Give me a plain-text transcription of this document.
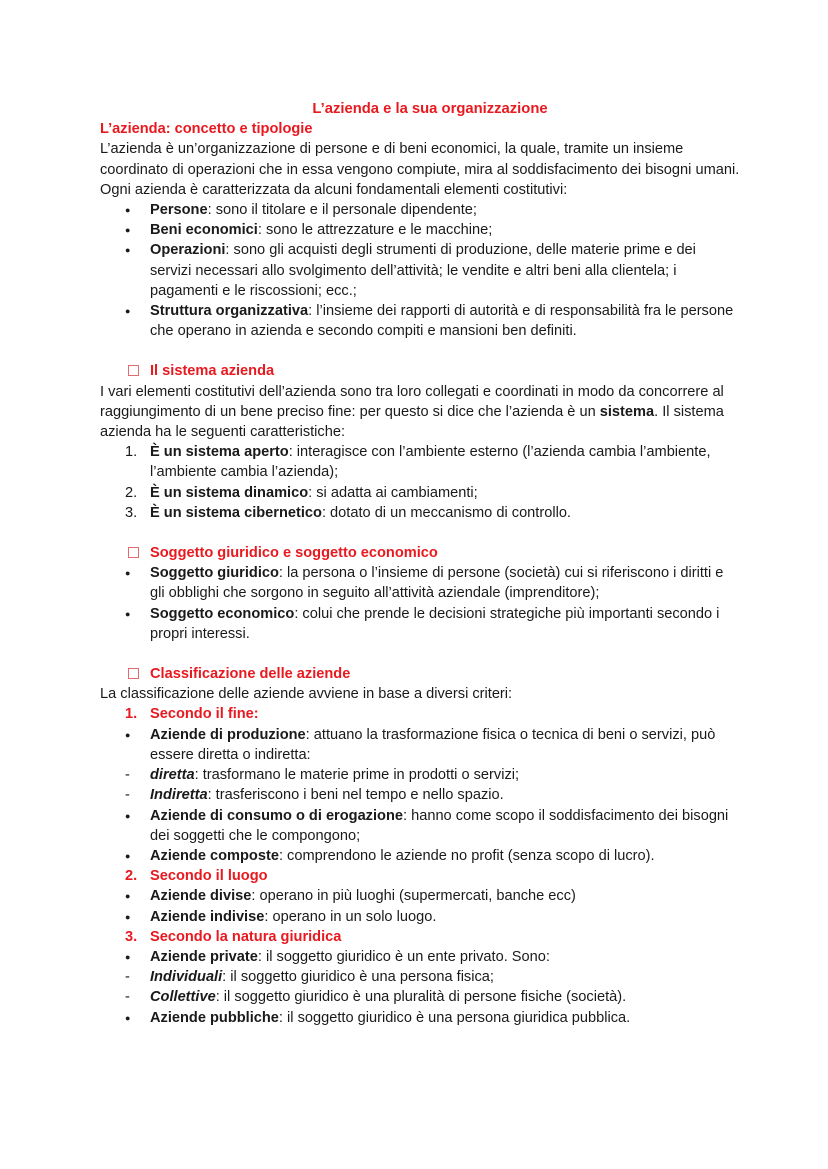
L’azienda e la sua organizzazione
L’azienda: concetto e tipologie

L’azienda è un’organizzazione di persone e di beni economici, la quale, tramite un insieme coordinato di operazioni che in essa vengono compiute, mira al soddisfacimento dei bisogni umani. Ogni azienda è caratterizzata da alcuni fondamentali elementi costitutivi:

● Persone: sono il titolare e il personale dipendente;
● Beni economici: sono le attrezzature e le macchine;
● Operazioni: sono gli acquisti degli strumenti di produzione, delle materie prime e dei servizi necessari allo svolgimento dell’attività; le vendite e altri beni alla clientela; i pagamenti e le riscossioni; ecc.;
● Struttura organizzativa: l’insieme dei rapporti di autorità e di responsabilità fra le persone che operano in azienda e secondo compiti e mansioni ben definiti.
Il sistema azienda

I vari elementi costitutivi dell’azienda sono tra loro collegati e coordinati in modo da concorrere al raggiungimento di un bene preciso fine: per questo si dice che l’azienda è un sistema. Il sistema azienda ha le seguenti caratteristiche:

1. È un sistema aperto: interagisce con l’ambiente esterno (l’azienda cambia l’ambiente, l’ambiente cambia l’azienda);
2. È un sistema dinamico: si adatta ai cambiamenti;
3. È un sistema cibernetico: dotato di un meccanismo di controllo.
Soggetto giuridico e soggetto economico
● Soggetto giuridico: la persona o l’insieme di persone (società) cui si riferiscono i diritti e gli obblighi che sorgono in seguito all’attività aziendale (imprenditore);
● Soggetto economico: colui che prende le decisioni strategiche più importanti secondo i propri interessi.
Classificazione delle aziende

La classificazione delle aziende avviene in base a diversi criteri:

1. Secondo il fine:
● Aziende di produzione: attuano la trasformazione fisica o tecnica di beni o servizi, può essere diretta o indiretta:
- diretta: trasformano le materie prime in prodotti o servizi;
- Indiretta: trasferiscono i beni nel tempo e nello spazio.
● Aziende di consumo o di erogazione: hanno come scopo il soddisfacimento dei bisogni dei soggetti che le compongono;
● Aziende composte: comprendono le aziende no profit (senza scopo di lucro).
2. Secondo il luogo
● Aziende divise: operano in più luoghi (supermercati, banche ecc)
● Aziende indivise: operano in un solo luogo.
3. Secondo la natura giuridica
● Aziende private: il soggetto giuridico è un ente privato. Sono:
- Individuali: il soggetto giuridico è una persona fisica;
- Collettive: il soggetto giuridico è una pluralità di persone fisiche (società).
● Aziende pubbliche: il soggetto giuridico è una persona giuridica pubblica.
